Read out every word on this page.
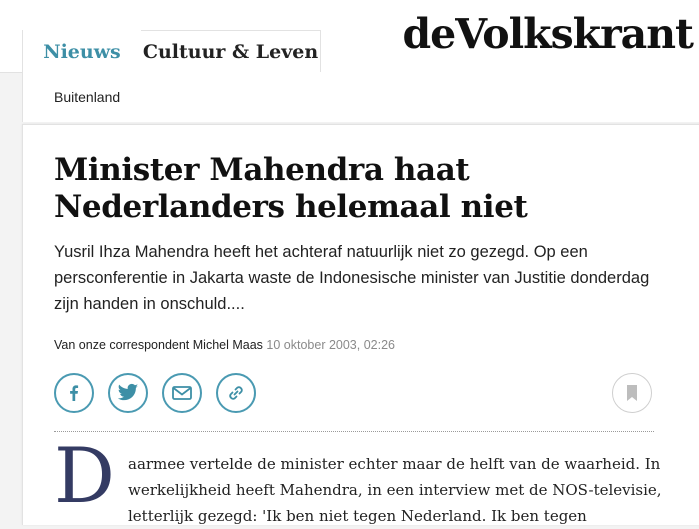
Nieuws	Cultuur & Leven deVolkskrant
Buitenland
Minister Mahendra haat
Nederlanders helemaal niet

Yusril Ihza Mahendra heeft het achteraf natuurlijk niet zo gezegd. Op een persconferentie in Jakarta waste de Indonesische minister van Justitie donderdag zijn handen in onschuld....

Van onze correspondent Michel Maas 10 oktober 2003, 02:26
D aarmee vertelde de minister echter maar de helft van de waarheid. In
werkelijkheid heeft Mahendra, in een interview met de NOS-televisie,
letterlijk gezegd: 'Ik ben niet tegen Nederland. Ik ben tegen
